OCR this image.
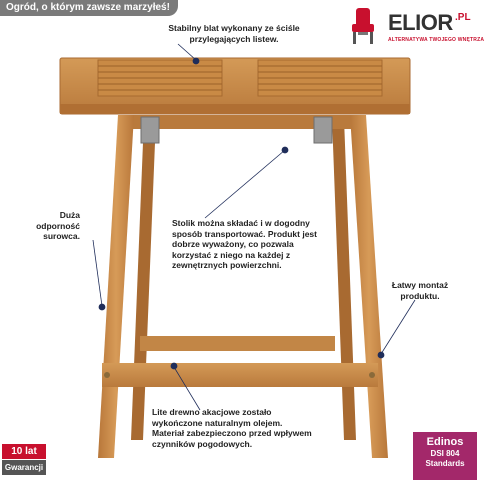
Ogród, o którym zawsze marzyłeś!
ELIOR .PL
ALTERNATYWA TWOJEGO WNĘTRZA
Stabilny blat wykonany ze ściśle przylegających listew.
Stolik można składać i w dogodny sposób transportować. Produkt jest dobrze wyważony, co pozwala korzystać z niego na każdej z zewnętrznych powierzchni.
Duża odporność surowca.
Łatwy montaż produktu.
Lite drewno akacjowe zostało wykończone naturalnym olejem. Materiał zabezpieczono przed wpływem czynników pogodowych.
10 lat
Gwarancji
Edinos
DSI 804
Standards
